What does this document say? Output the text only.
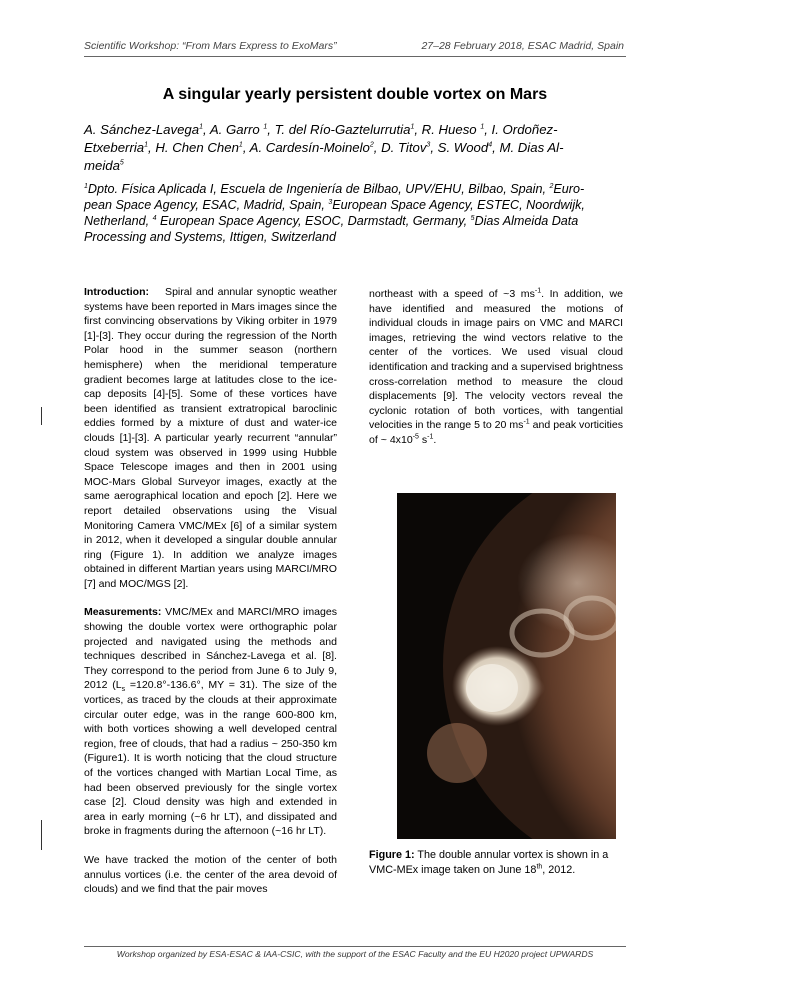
Scientific Workshop: “From Mars Express to ExoMars”	27–28 February 2018, ESAC Madrid, Spain
A singular yearly persistent double vortex on Mars
A. Sánchez-Lavega$^1$, A. Garro $^1$, T. del Río-Gaztelurrutia$^1$, R. Hueso $^1$, I. Ordoñez-
Etxeberria$^1$, H. Chen Chen$^1$, A. Cardesín-Moinelo$^2$, D. Titov$^3$, S. Wood$^4$, M. Dias Al-
meida$^5$
$^1$Dpto. Física Aplicada I, Escuela de Ingeniería de Bilbao, UPV/EHU, Bilbao, Spain, $^2$Euro-
pean Space Agency, ESAC, Madrid, Spain, $^3$European Space Agency, ESTEC, Noordwijk,
Netherland, $^4$ European Space Agency, ESOC, Darmstadt, Germany, $^5$Dias Almeida Data
Processing and Systems, Ittigen, Switzerland

Introduction: Spiral and annular synoptic weather systems have been reported in Mars images since the first convincing observations by Viking orbiter in 1979 [1]-[3]. They occur during the regression of the North Polar hood in the summer season (northern hemisphere) when the meridional temperature gradient becomes large at latitudes close to the ice-cap deposits [4]-[5]. Some of these vortices have been identified as transient extratropical baroclinic eddies formed by a mixture of dust and water-ice clouds [1]-[3]. A particular yearly recurrent “annular” cloud system was observed in 1999 using Hubble Space Telescope images and then in 2001 using MOC-Mars Global Surveyor images, exactly at the same aerographical location and epoch [2]. Here we report detailed observations using the Visual Monitoring Camera VMC/MEx [6] of a similar system in 2012, when it developed a singular double annular ring (Figure 1). In addition we analyze images obtained in different Martian years using MARCI/MRO [7] and MOC/MGS [2].

Measurements: VMC/MEx and MARCI/MRO images showing the double vortex were orthographic polar projected and navigated using the methods and techniques described in Sánchez-Lavega et al. [8]. They correspond to the period from June 6 to July 9, 2012 ($L_s =120.8^\circ-136.6^\circ$, MY = 31). The size of the vortices, as traced by the clouds at their approximate circular outer edge, was in the range 600-800 km, with both vortices showing a well developed central region, free of clouds, that had a radius ~ 250-350 km (Figure1). It is worth noticing that the cloud structure of the vortices changed with Martian Local Time, as had been observed previously for the single vortex case [2]. Cloud density was high and extended in area in early morning (~6 hr LT), and dissipated and broke in fragments during the afternoon (~16 hr LT).

We have tracked the motion of the center of both annulus vortices (i.e. the center of the area devoid of clouds) and we find that the pair moves

northeast with a speed of ~3 $ms^{-1}$. In addition, we have identified and measured the motions of individual clouds in image pairs on VMC and MARCI images, retrieving the wind vectors relative to the center of the vortices. We used visual cloud identification and tracking and a supervised brightness cross-correlation method to measure the cloud displacements [9]. The velocity vectors reveal the cyclonic rotation of both vortices, with tangential velocities in the range 5 to 20 $ms^{-1}$ and peak vorticities of ~ $4x10^{-5}$ $s^{-1}$.

Figure 1: The double annular vortex is shown in a VMC-MEx image taken on June 18th, 2012.
Workshop organized by ESA-ESAC & IAA-CSIC, with the support of the ESAC Faculty and the EU H2020 project UPWARDS
